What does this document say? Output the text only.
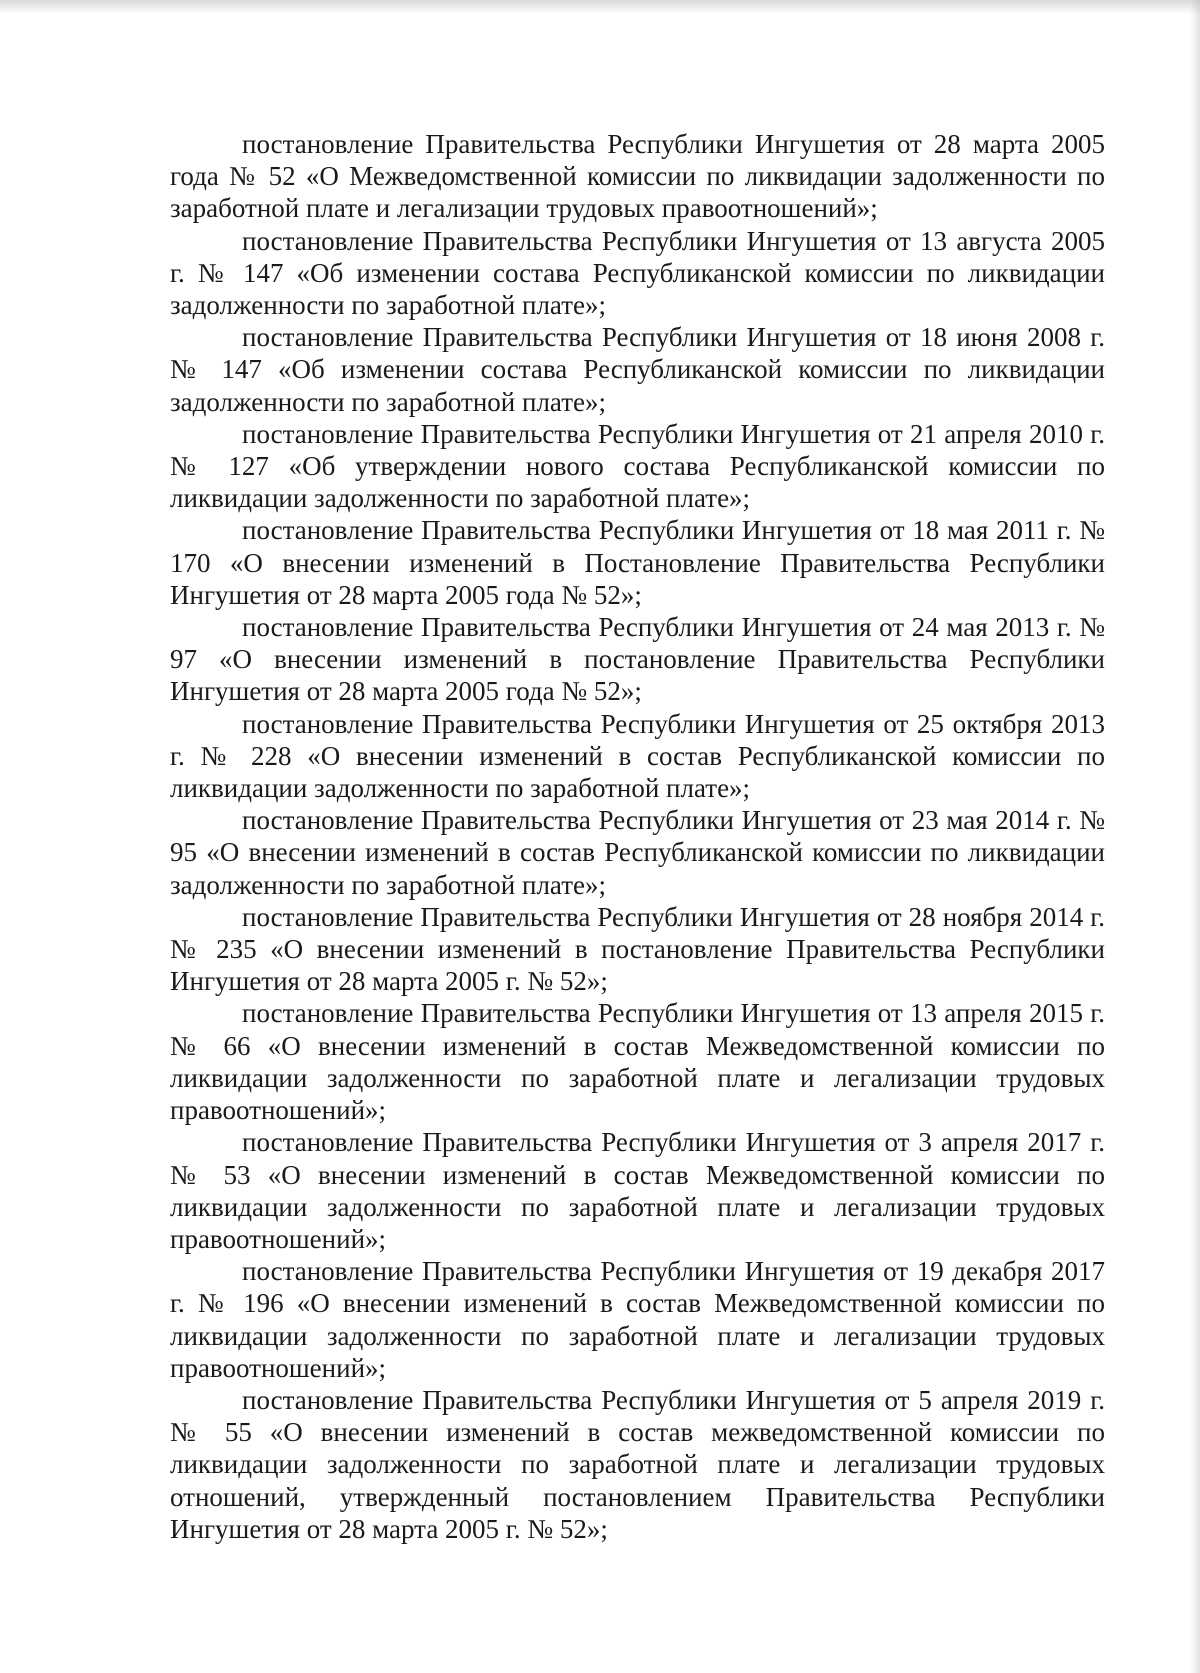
постановление Правительства Республики Ингушетия от 28 марта 2005 года № 52 «О Межведомственной комиссии по ликвидации задолженности по заработной плате и легализации трудовых правоотношений»;

постановление Правительства Республики Ингушетия от 13 августа 2005 г. № 147 «Об изменении состава Республиканской комиссии по ликвидации задолженности по заработной плате»;

постановление Правительства Республики Ингушетия от 18 июня 2008 г. № 147 «Об изменении состава Республиканской комиссии по ликвидации задолженности по заработной плате»;

постановление Правительства Республики Ингушетия от 21 апреля 2010 г. № 127 «Об утверждении нового состава Республиканской комиссии по ликвидации задолженности по заработной плате»;

постановление Правительства Республики Ингушетия от 18 мая 2011 г. № 170 «О внесении изменений в Постановление Правительства Республики Ингушетия от 28 марта 2005 года № 52»;

постановление Правительства Республики Ингушетия от 24 мая 2013 г. № 97 «О внесении изменений в постановление Правительства Республики Ингушетия от 28 марта 2005 года № 52»;

постановление Правительства Республики Ингушетия от 25 октября 2013 г. № 228 «О внесении изменений в состав Республиканской комиссии по ликвидации задолженности по заработной плате»;

постановление Правительства Республики Ингушетия от 23 мая 2014 г. № 95 «О внесении изменений в состав Республиканской комиссии по ликвидации задолженности по заработной плате»;

постановление Правительства Республики Ингушетия от 28 ноября 2014 г. № 235 «О внесении изменений в постановление Правительства Республики Ингушетия от 28 марта 2005 г. № 52»;

постановление Правительства Республики Ингушетия от 13 апреля 2015 г. № 66 «О внесении изменений в состав Межведомственной комиссии по ликвидации задолженности по заработной плате и легализации трудовых правоотношений»;

постановление Правительства Республики Ингушетия от 3 апреля 2017 г. № 53 «О внесении изменений в состав Межведомственной комиссии по ликвидации задолженности по заработной плате и легализации трудовых правоотношений»;

постановление Правительства Республики Ингушетия от 19 декабря 2017 г. № 196 «О внесении изменений в состав Межведомственной комиссии по ликвидации задолженности по заработной плате и легализации трудовых правоотношений»;

постановление Правительства Республики Ингушетия от 5 апреля 2019 г. № 55 «О внесении изменений в состав межведомственной комиссии по ликвидации задолженности по заработной плате и легализации трудовых отношений, утвержденный постановлением Правительства Республики Ингушетия от 28 марта 2005 г. № 52»;
